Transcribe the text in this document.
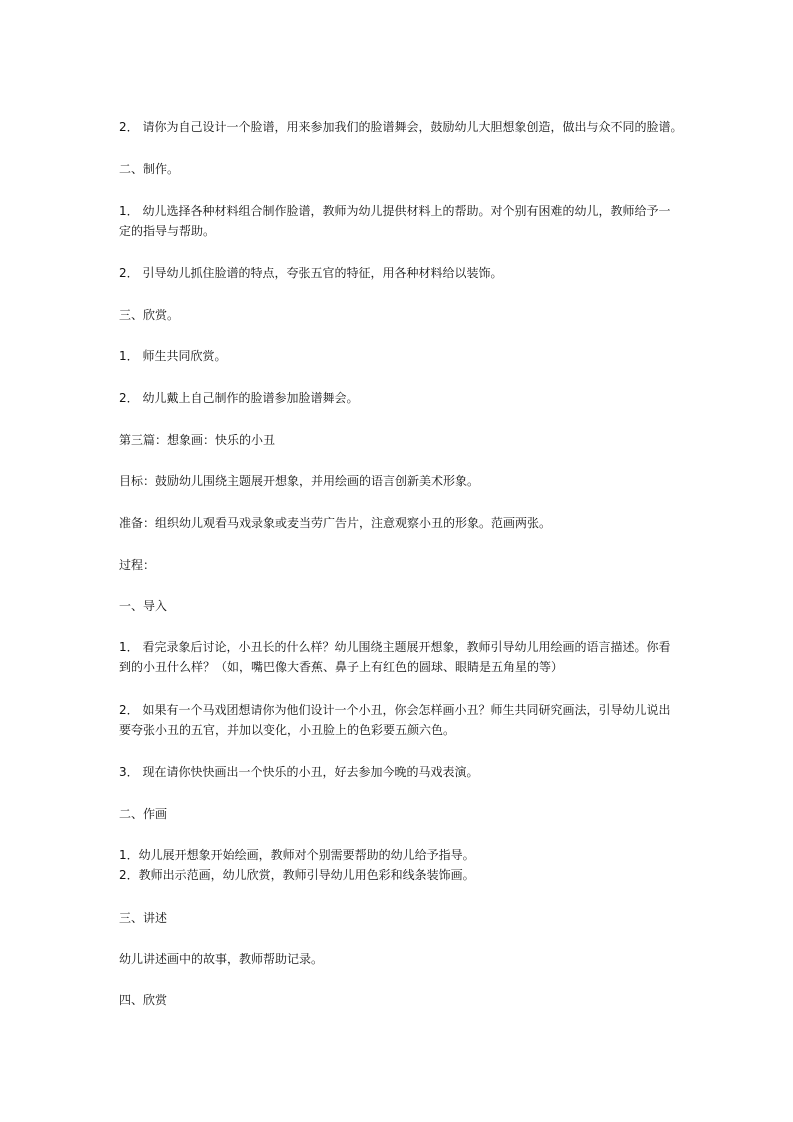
2． 请你为自己设计一个脸谱，用来参加我们的脸谱舞会，鼓励幼儿大胆想象创造，做出与众不同的脸谱。
二、制作。
1． 幼儿选择各种材料组合制作脸谱，教师为幼儿提供材料上的帮助。对个别有困难的幼儿，教师给予一
定的指导与帮助。
2． 引导幼儿抓住脸谱的特点，夸张五官的特征，用各种材料给以装饰。
三、欣赏。
1． 师生共同欣赏。
2． 幼儿戴上自己制作的脸谱参加脸谱舞会。
第三篇：想象画：快乐的小丑
目标：鼓励幼儿围绕主题展开想象，并用绘画的语言创新美术形象。
准备：组织幼儿观看马戏录象或麦当劳广告片，注意观察小丑的形象。范画两张。
过程：
一、导入
1． 看完录象后讨论，小丑长的什么样？幼儿围绕主题展开想象，教师引导幼儿用绘画的语言描述。你看
到的小丑什么样？（如，嘴巴像大香蕉、鼻子上有红色的圆球、眼睛是五角星的等）
2． 如果有一个马戏团想请你为他们设计一个小丑，你会怎样画小丑？师生共同研究画法，引导幼儿说出
要夸张小丑的五官，并加以变化，小丑脸上的色彩要五颜六色。
3． 现在请你快快画出一个快乐的小丑，好去参加今晚的马戏表演。
二、作画
1．幼儿展开想象开始绘画，教师对个别需要帮助的幼儿给予指导。
2．教师出示范画，幼儿欣赏，教师引导幼儿用色彩和线条装饰画。
三、讲述
幼儿讲述画中的故事，教师帮助记录。
四、欣赏
